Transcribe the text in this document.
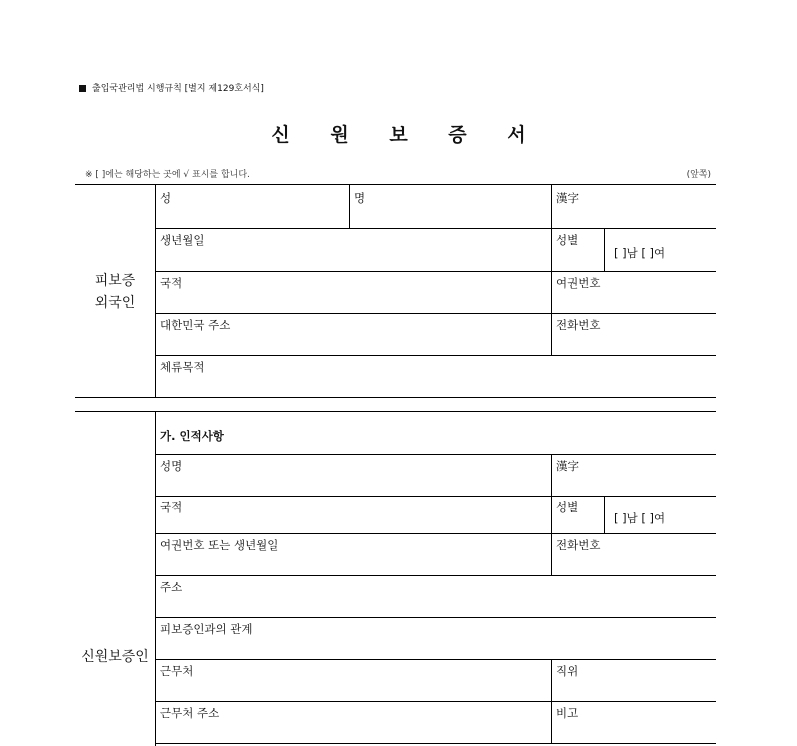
출입국관리법 시행규칙 [별지 제129호서식]
신 원 보 증 서
※ [ ]에는 해당하는 곳에 √ 표시를 합니다.	(앞쪽)
피보증
외국인
성	명	漢字
생년월일	성별
[ ]남 [ ]여
국적	여권번호
대한민국 주소	전화번호
체류목적
신원보증인
가. 인적사항
성명	漢字
국적	성별
[ ]남 [ ]여
여권번호 또는 생년월일	전화번호
주소
피보증인과의 관계
근무처	직위
근무처 주소	비고
